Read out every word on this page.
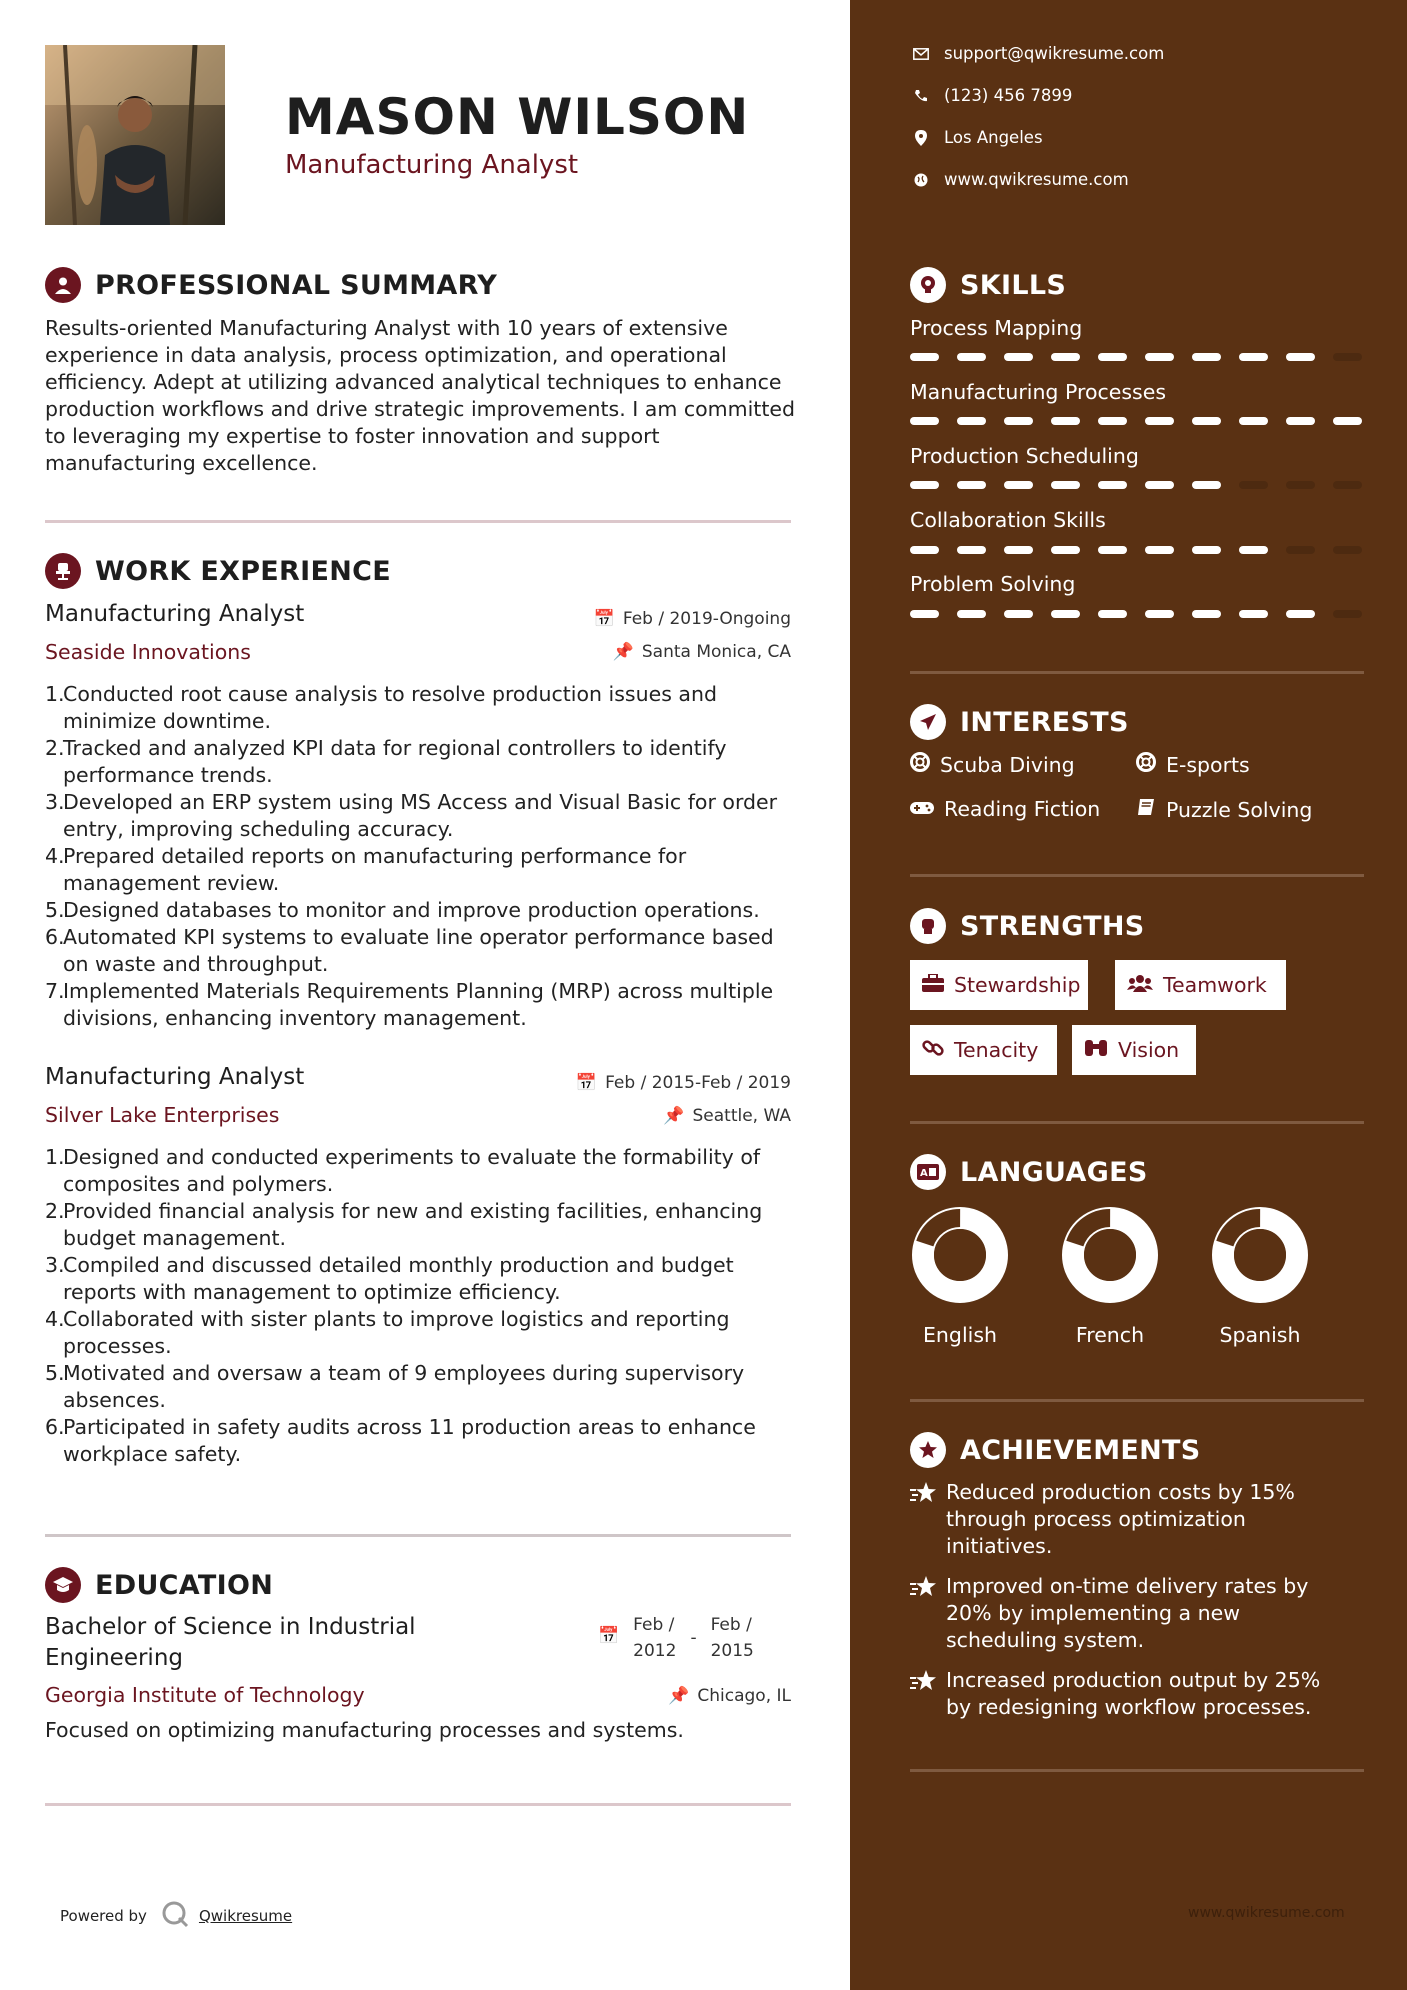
MASON WILSON
Manufacturing Analyst
PROFESSIONAL SUMMARY
Results-oriented Manufacturing Analyst with 10 years of extensive experience in data analysis, process optimization, and operational efficiency. Adept at utilizing advanced analytical techniques to enhance production workflows and drive strategic improvements. I am committed to leveraging my expertise to foster innovation and support manufacturing excellence.
WORK EXPERIENCE
Manufacturing Analyst	📅 Feb / 2019-Ongoing
Seaside Innovations	📌 Santa Monica, CA
1.
Conducted root cause analysis to resolve production issues and minimize downtime.
2.
Tracked and analyzed KPI data for regional controllers to identify performance trends.
3.
Developed an ERP system using MS Access and Visual Basic for order entry, improving scheduling accuracy.
4.
Prepared detailed reports on manufacturing performance for management review.
5.
Designed databases to monitor and improve production operations.
6.
Automated KPI systems to evaluate line operator performance based on waste and throughput.
7.
Implemented Materials Requirements Planning (MRP) across multiple divisions, enhancing inventory management.
Manufacturing Analyst	📅 Feb / 2015-Feb / 2019
Silver Lake Enterprises	📌 Seattle, WA
1.
Designed and conducted experiments to evaluate the formability of composites and polymers.
2.
Provided financial analysis for new and existing facilities, enhancing budget management.
3.
Compiled and discussed detailed monthly production and budget reports with management to optimize efficiency.
4.
Collaborated with sister plants to improve logistics and reporting processes.
5.
Motivated and oversaw a team of 9 employees during supervisory absences.
6.
Participated in safety audits across 11 production areas to enhance workplace safety.
EDUCATION
Bachelor of Science in Industrial Engineering
📅
Feb /
2012
-
Feb /
2015
Georgia Institute of Technology	📌 Chicago, IL
Focused on optimizing manufacturing processes and systems.
Powered by	Qwikresume
support@qwikresume.com
(123) 456 7899
Los Angeles
www.qwikresume.com
SKILLS
Process Mapping
Manufacturing Processes
Production Scheduling
Collaboration Skills
Problem Solving
INTERESTS
Scuba Diving	E-sports
Reading Fiction	Puzzle Solving
STRENGTHS
Stewardship	Teamwork
Tenacity	Vision
A LANGUAGES
English	French	Spanish
ACHIEVEMENTS
Reduced production costs by 15% through process optimization initiatives.
Improved on-time delivery rates by 20% by implementing a new scheduling system.
Increased production output by 25% by redesigning workflow processes.
www.qwikresume.com
